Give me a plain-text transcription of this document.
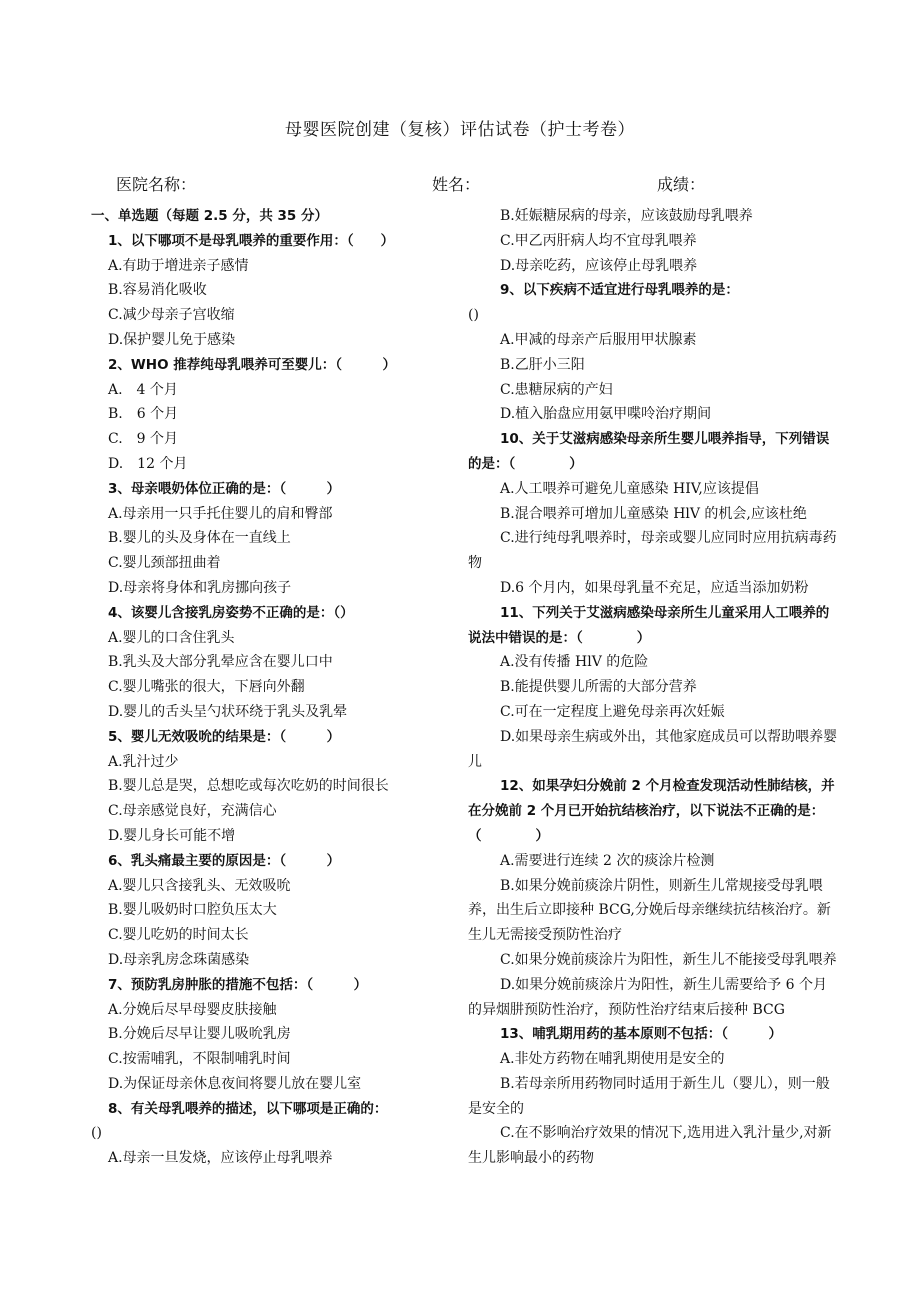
母婴医院创建（复核）评估试卷（护士考卷）
医院名称：	姓名：	成绩：

一、单选题（每题 2.5 分，共 35 分）

1、以下哪项不是母乳喂养的重要作用：（　　）

A.有助于增进亲子感情

B.容易消化吸收

C.减少母亲子宫收缩

D.保护婴儿免于感染

2、WHO 推荐纯母乳喂养可至婴儿：（　　　）

A.　4 个月

B.　6 个月

C.　9 个月

D.　12 个月

3、母亲喂奶体位正确的是：（　　　）

A.母亲用一只手托住婴儿的肩和臀部

B.婴儿的头及身体在一直线上

C.婴儿颈部扭曲着

D.母亲将身体和乳房挪向孩子

4、该婴儿含接乳房姿势不正确的是：（）

A.婴儿的口含住乳头

B.乳头及大部分乳晕应含在婴儿口中

C.婴儿嘴张的很大，下唇向外翻

D.婴儿的舌头呈勺状环绕于乳头及乳晕

5、婴儿无效吸吮的结果是：（　　　）

A.乳汁过少

B.婴儿总是哭，总想吃或每次吃奶的时间很长

C.母亲感觉良好，充满信心

D.婴儿身长可能不增

6、乳头痛最主要的原因是：（　　　）

A.婴儿只含接乳头、无效吸吮

B.婴儿吸奶时口腔负压太大

C.婴儿吃奶的时间太长

D.母亲乳房念珠菌感染

7、预防乳房肿胀的措施不包括：（　　　）

A.分娩后尽早母婴皮肤接触

B.分娩后尽早让婴儿吸吮乳房

C.按需哺乳，不限制哺乳时间

D.为保证母亲休息夜间将婴儿放在婴儿室

8、有关母乳喂养的描述，以下哪项是正确的：

()

A.母亲一旦发烧，应该停止母乳喂养

B.妊娠糖尿病的母亲，应该鼓励母乳喂养

C.甲乙丙肝病人均不宜母乳喂养

D.母亲吃药，应该停止母乳喂养

9、以下疾病不适宜进行母乳喂养的是：

()

A.甲减的母亲产后服用甲状腺素

B.乙肝小三阳

C.患糖尿病的产妇

D.植入胎盘应用氨甲喋呤治疗期间

10、关于艾滋病感染母亲所生婴儿喂养指导，下列错误的是：（　　　　）

A.人工喂养可避免儿童感染 HIV,应该提倡

B.混合喂养可增加儿童感染 HlV 的机会,应该杜绝

C.进行纯母乳喂养时，母亲或婴儿应同时应用抗病毒药物

D.6 个月内，如果母乳量不充足，应适当添加奶粉

11、下列关于艾滋病感染母亲所生儿童采用人工喂养的说法中错误的是：（　　　　）

A.没有传播 HlV 的危险

B.能提供婴儿所需的大部分营养

C.可在一定程度上避免母亲再次妊娠

D.如果母亲生病或外出，其他家庭成员可以帮助喂养婴儿

12、如果孕妇分娩前 2 个月检查发现活动性肺结核，并在分娩前 2 个月已开始抗结核治疗，以下说法不正确的是：（　　　　）

A.需要进行连续 2 次的痰涂片检测

B.如果分娩前痰涂片阴性，则新生儿常规接受母乳喂养，出生后立即接种 BCG,分娩后母亲继续抗结核治疗。新生儿无需接受预防性治疗

C.如果分娩前痰涂片为阳性，新生儿不能接受母乳喂养

D.如果分娩前痰涂片为阳性，新生儿需要给予 6 个月的异烟肼预防性治疗，预防性治疗结束后接种 BCG

13、哺乳期用药的基本原则不包括：（　　　）

A.非处方药物在哺乳期使用是安全的

B.若母亲所用药物同时适用于新生儿（婴儿），则一般是安全的

C.在不影响治疗效果的情况下,选用进入乳汁量少,对新生儿影响最小的药物
